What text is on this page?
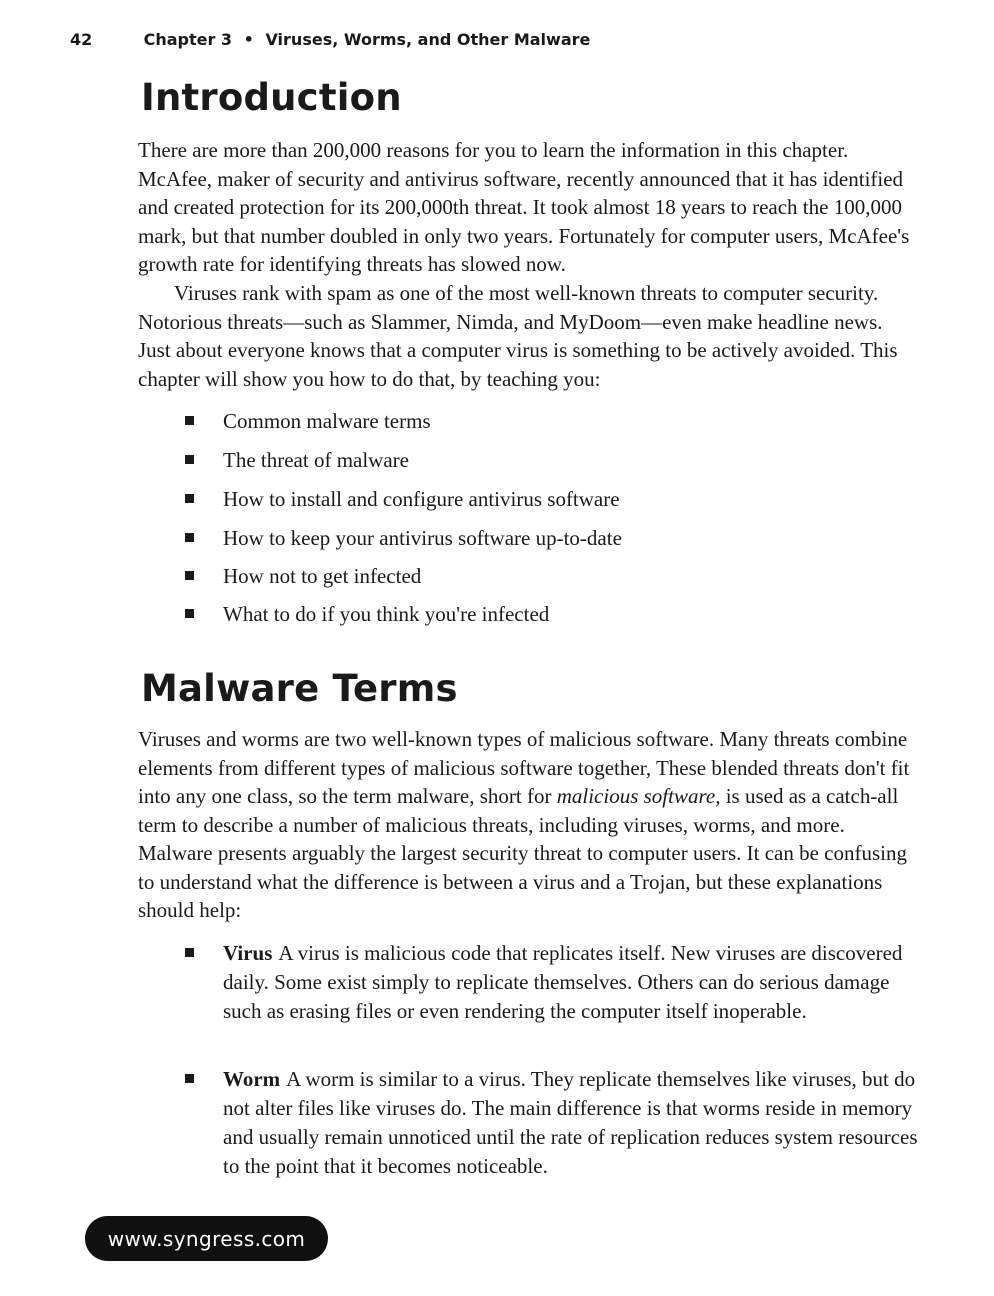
42	Chapter 3 • Viruses, Worms, and Other Malware
Introduction

There are more than 200,000 reasons for you to learn the information in this chapter. McAfee, maker of security and antivirus software, recently announced that it has identified and created protection for its 200,000th threat. It took almost 18 years to reach the 100,000 mark, but that number doubled in only two years. Fortunately for computer users, McAfee's growth rate for identifying threats has slowed now.

Viruses rank with spam as one of the most well-known threats to computer security. Notorious threats—such as Slammer, Nimda, and MyDoom—even make headline news. Just about everyone knows that a computer virus is something to be actively avoided. This chapter will show you how to do that, by teaching you:

Common malware terms
The threat of malware
How to install and configure antivirus software
How to keep your antivirus software up-to-date
How not to get infected
What to do if you think you're infected
Malware Terms

Viruses and worms are two well-known types of malicious software. Many threats combine elements from different types of malicious software together, These blended threats don't fit into any one class, so the term malware, short for malicious software, is used as a catch-all term to describe a number of malicious threats, including viruses, worms, and more. Malware presents arguably the largest security threat to computer users. It can be confusing to understand what the difference is between a virus and a Trojan, but these explanations should help:

Virus A virus is malicious code that replicates itself. New viruses are discovered daily. Some exist simply to replicate themselves. Others can do serious damage such as erasing files or even rendering the computer itself inoperable.
Worm A worm is similar to a virus. They replicate themselves like viruses, but do not alter files like viruses do. The main difference is that worms reside in memory and usually remain unnoticed until the rate of replication reduces system resources to the point that it becomes noticeable.
www.syngress.com
